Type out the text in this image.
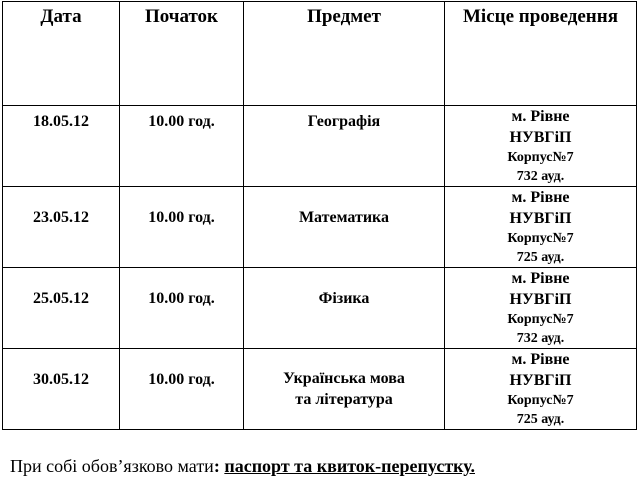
Дата	Початок	Предмет	Місце проведення

18.05.12	10.00 год.	Географія	м. Рівне
НУВГіП
Корпус№7
732 ауд.

23.05.12	10.00 год.	Математика	м. Рівне
НУВГіП
Корпус№7
725 ауд.

25.05.12	10.00 год.	Фізика	м. Рівне
НУВГіП
Корпус№7
732 ауд.

30.05.12	10.00 год.	Українська мова
та література	м. Рівне
НУВГіП
Корпус№7
725 ауд.
При собі обов’язково мати: паспорт та квиток-перепустку.
